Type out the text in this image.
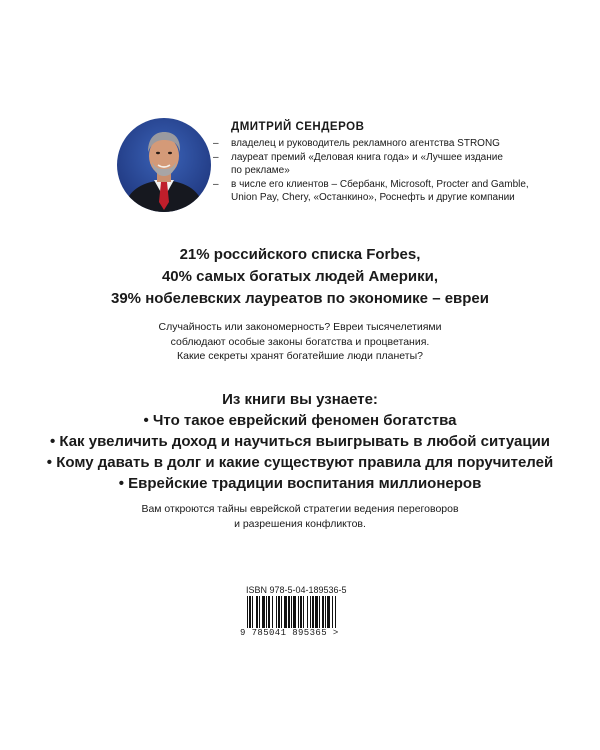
ДМИТРИЙ СЕНДЕРОВ
– владелец и руководитель рекламного агентства STRONG
– лауреат премий «Деловая книга года» и «Лучшее издание
по рекламе»
– в числе его клиентов – Сбербанк, Microsoft, Procter and Gamble,
Union Pay, Chery, «Останкино», Роснефть и другие компании
21% российского списка Forbes,
40% самых богатых людей Америки,
39% нобелевских лауреатов по экономике – евреи
Случайность или закономерность? Евреи тысячелетиями
соблюдают особые законы богатства и процветания.
Какие секреты хранят богатейшие люди планеты?
Из книги вы узнаете:
• Что такое еврейский феномен богатства
• Как увеличить доход и научиться выигрывать в любой ситуации
• Кому давать в долг и какие существуют правила для поручителей
• Еврейские традиции воспитания миллионеров
Вам откроются тайны еврейской стратегии ведения переговоров
и разрешения конфликтов.
ISBN 978-5-04-189536-5
9 785041 895365 >
